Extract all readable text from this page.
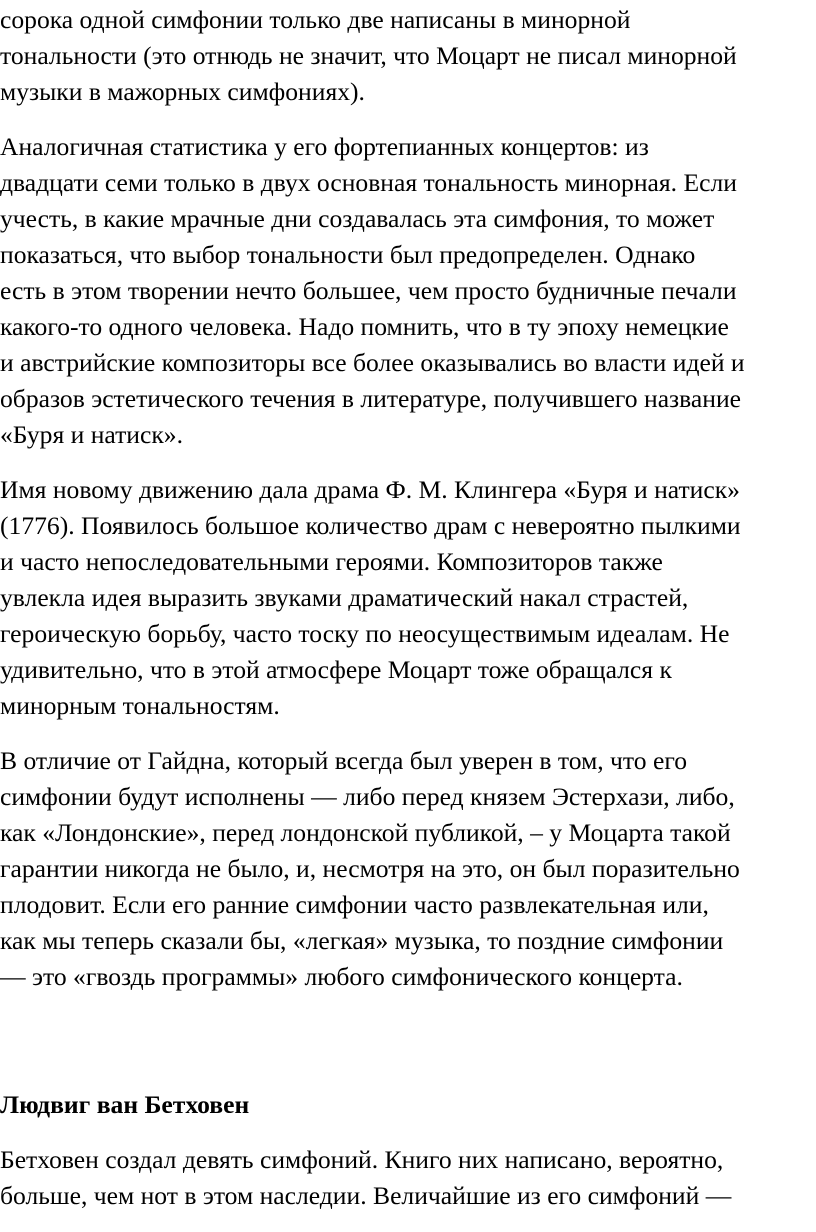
сорока одной симфонии только две написаны в минорной
тональности (это отнюдь не значит, что Моцарт не писал минорной
музыки в мажорных симфониях).
Аналогичная статистика у его фортепианных концертов: из
двадцати семи только в двух основная тональность минорная. Если
учесть, в какие мрачные дни создавалась эта симфония, то может
показаться, что выбор тональности был предопределен. Однако
есть в этом творении нечто большее, чем просто будничные печали
какого-то одного человека. Надо помнить, что в ту эпоху немецкие
и австрийские композиторы все более оказывались во власти идей и
образов эстетического течения в литературе, получившего название
«Буря и натиск».
Имя новому движению дала драма Ф. М. Клингера «Буря и натиск»
(1776). Появилось большое количество драм с невероятно пылкими
и часто непоследовательными героями. Композиторов также
увлекла идея выразить звуками драматический накал страстей,
героическую борьбу, часто тоску по неосуществимым идеалам. Не
удивительно, что в этой атмосфере Моцарт тоже обращался к
минорным тональностям.
В отличие от Гайдна, который всегда был уверен в том, что его
симфонии будут исполнены — либо перед князем Эстерхази, либо,
как «Лондонские», перед лондонской публикой, – у Моцарта такой
гарантии никогда не было, и, несмотря на это, он был поразительно
плодовит. Если его ранние симфонии часто развлекательная или,
как мы теперь сказали бы, «легкая» музыка, то поздние симфонии
— это «гвоздь программы» любого симфонического концерта.
Людвиг ван Бетховен
Бетховен создал девять симфоний. Книго них написано, вероятно,
больше, чем нот в этом наследии. Величайшие из его симфоний —
